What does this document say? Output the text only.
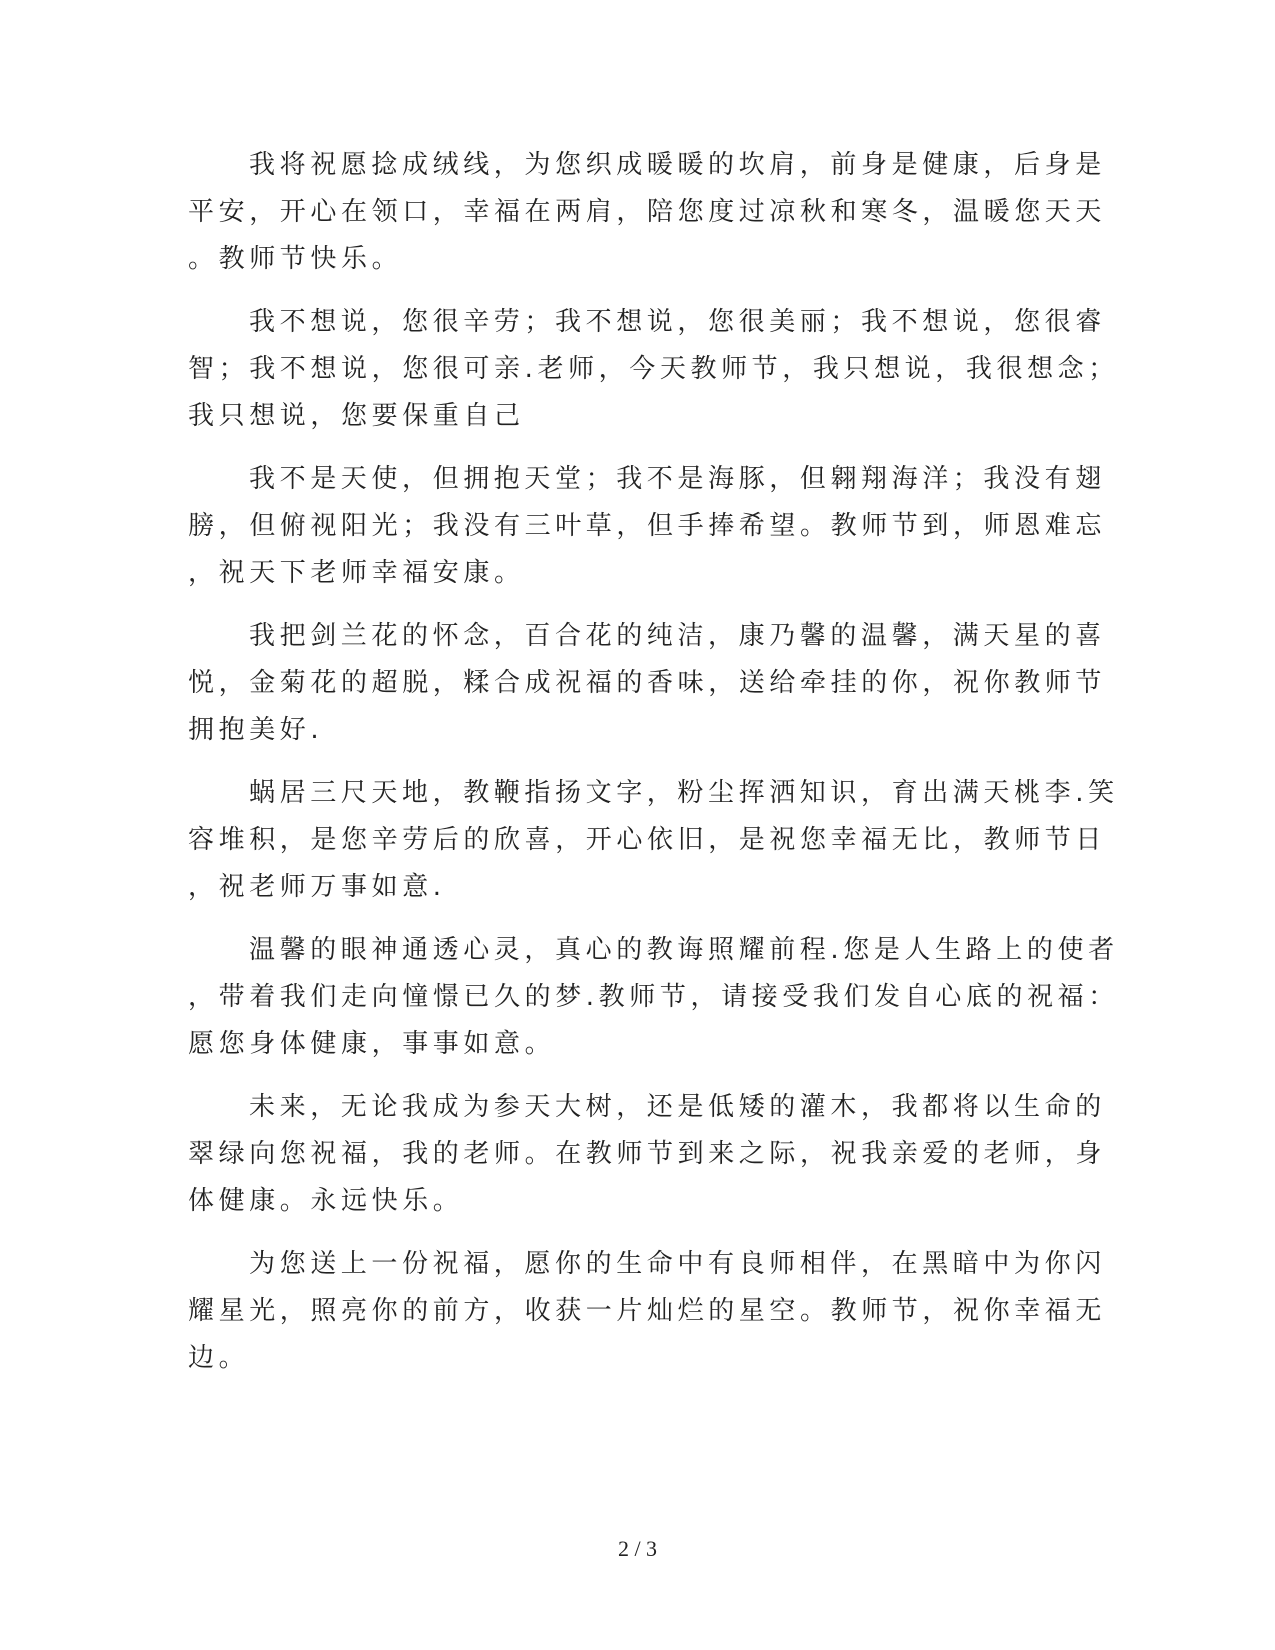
我将祝愿捻成绒线，为您织成暖暖的坎肩，前身是健康，后身是
平安，开心在领口，幸福在两肩，陪您度过凉秋和寒冬，温暖您天天
。教师节快乐。

我不想说，您很辛劳；我不想说，您很美丽；我不想说，您很睿
智；我不想说，您很可亲.老师，今天教师节，我只想说，我很想念；
我只想说，您要保重自己

我不是天使，但拥抱天堂；我不是海豚，但翱翔海洋；我没有翅
膀，但俯视阳光；我没有三叶草，但手捧希望。教师节到，师恩难忘
，祝天下老师幸福安康。

我把剑兰花的怀念，百合花的纯洁，康乃馨的温馨，满天星的喜
悦，金菊花的超脱，糅合成祝福的香味，送给牵挂的你，祝你教师节
拥抱美好.

蜗居三尺天地，教鞭指扬文字，粉尘挥洒知识，育出满天桃李.笑
容堆积，是您辛劳后的欣喜，开心依旧，是祝您幸福无比，教师节日
，祝老师万事如意.

温馨的眼神通透心灵，真心的教诲照耀前程.您是人生路上的使者
，带着我们走向憧憬已久的梦.教师节，请接受我们发自心底的祝福：
愿您身体健康，事事如意。

未来，无论我成为参天大树，还是低矮的灌木，我都将以生命的
翠绿向您祝福，我的老师。在教师节到来之际，祝我亲爱的老师，身
体健康。永远快乐。

为您送上一份祝福，愿你的生命中有良师相伴，在黑暗中为你闪
耀星光，照亮你的前方，收获一片灿烂的星空。教师节，祝你幸福无
边。

2 / 3
